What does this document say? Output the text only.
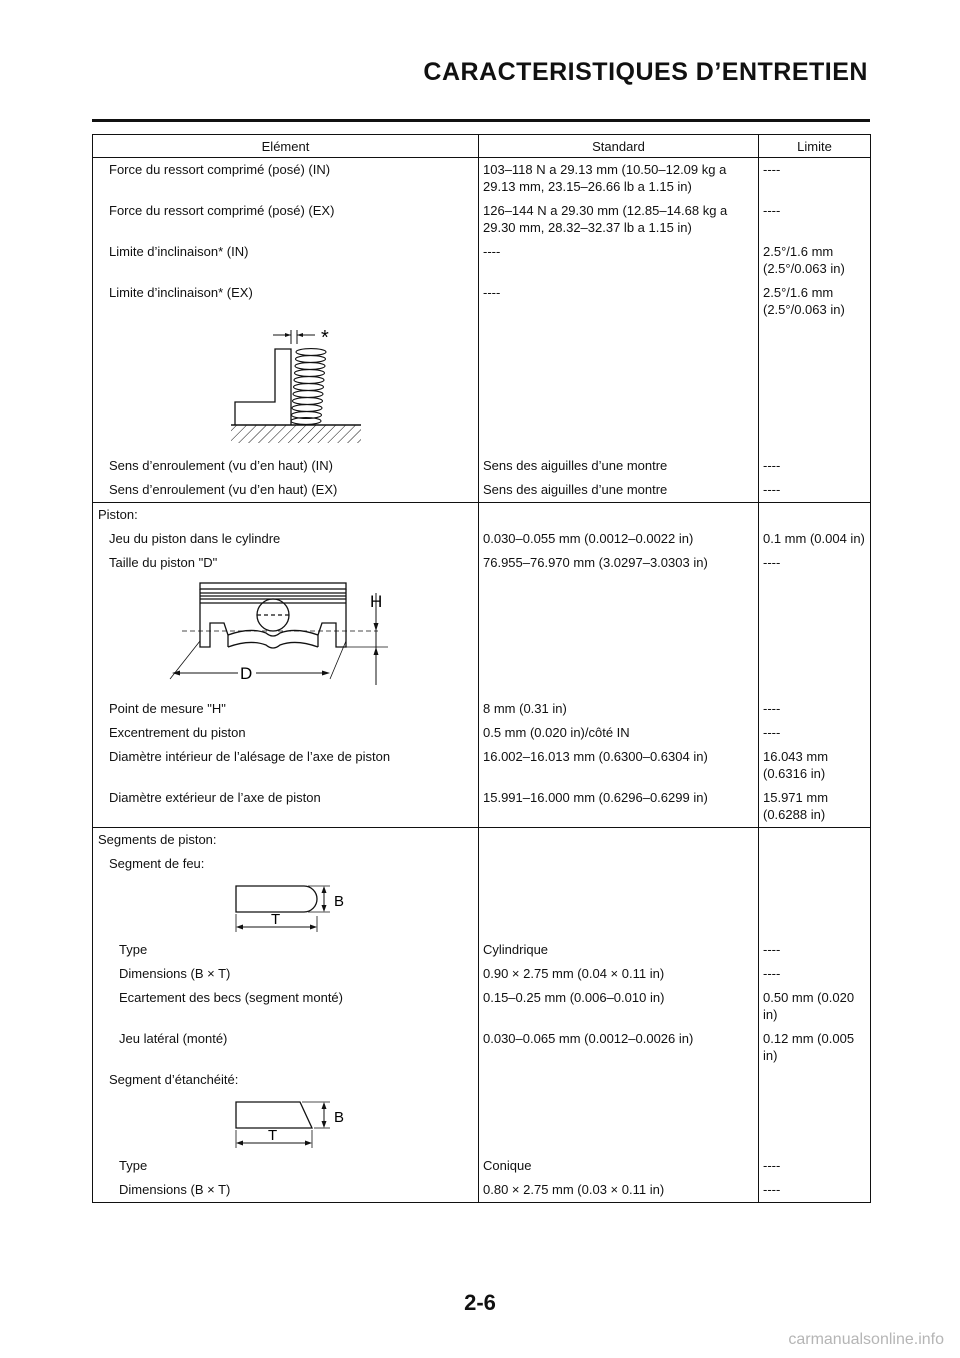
CARACTERISTIQUES D’ENTRETIEN
Elément	Standard	Limite
Force du ressort comprimé (posé) (IN)	103–118 N a 29.13 mm (10.50–12.09 kg a 29.13 mm, 23.15–26.66 lb a 1.15 in)	----
Force du ressort comprimé (posé) (EX)	126–144 N a 29.30 mm (12.85–14.68 kg a 29.30 mm, 28.32–32.37 lb a 1.15 in)	----
Limite d’inclinaison* (IN)	----	2.5°/1.6 mm (2.5°/0.063 in)
Limite d’inclinaison* (EX)	----	2.5°/1.6 mm (2.5°/0.063 in)

*		

Sens d’enroulement (vu d’en haut) (IN)	Sens des aiguilles d’une montre	----
Sens d’enroulement (vu d’en haut) (EX)	Sens des aiguilles d’une montre	----
Piston:		
Jeu du piston dans le cylindre	0.030–0.055 mm (0.0012–0.0022 in)	0.1 mm (0.004 in)
Taille du piston "D"	76.955–76.970 mm (3.0297–3.0303 in)	----

H
D		

Point de mesure "H"	8 mm (0.31 in)	----
Excentrement du piston	0.5 mm (0.020 in)/côté IN	----
Diamètre intérieur de l’alésage de l’axe de piston	16.002–16.013 mm (0.6300–0.6304 in)	16.043 mm (0.6316 in)
Diamètre extérieur de l’axe de piston	15.991–16.000 mm (0.6296–0.6299 in)	15.971 mm (0.6288 in)
Segments de piston:		
Segment de feu:		

B
T		

Type	Cylindrique	----
Dimensions (B × T)	0.90 × 2.75 mm (0.04 × 0.11 in)	----
Ecartement des becs (segment monté)	0.15–0.25 mm (0.006–0.010 in)	0.50 mm (0.020 in)
Jeu latéral (monté)	0.030–0.065 mm (0.0012–0.0026 in)	0.12 mm (0.005 in)
Segment d’étanchéité:		

B
T		

Type	Conique	----
Dimensions (B × T)	0.80 × 2.75 mm (0.03 × 0.11 in)	----
2-6
carmanualsonline.info
